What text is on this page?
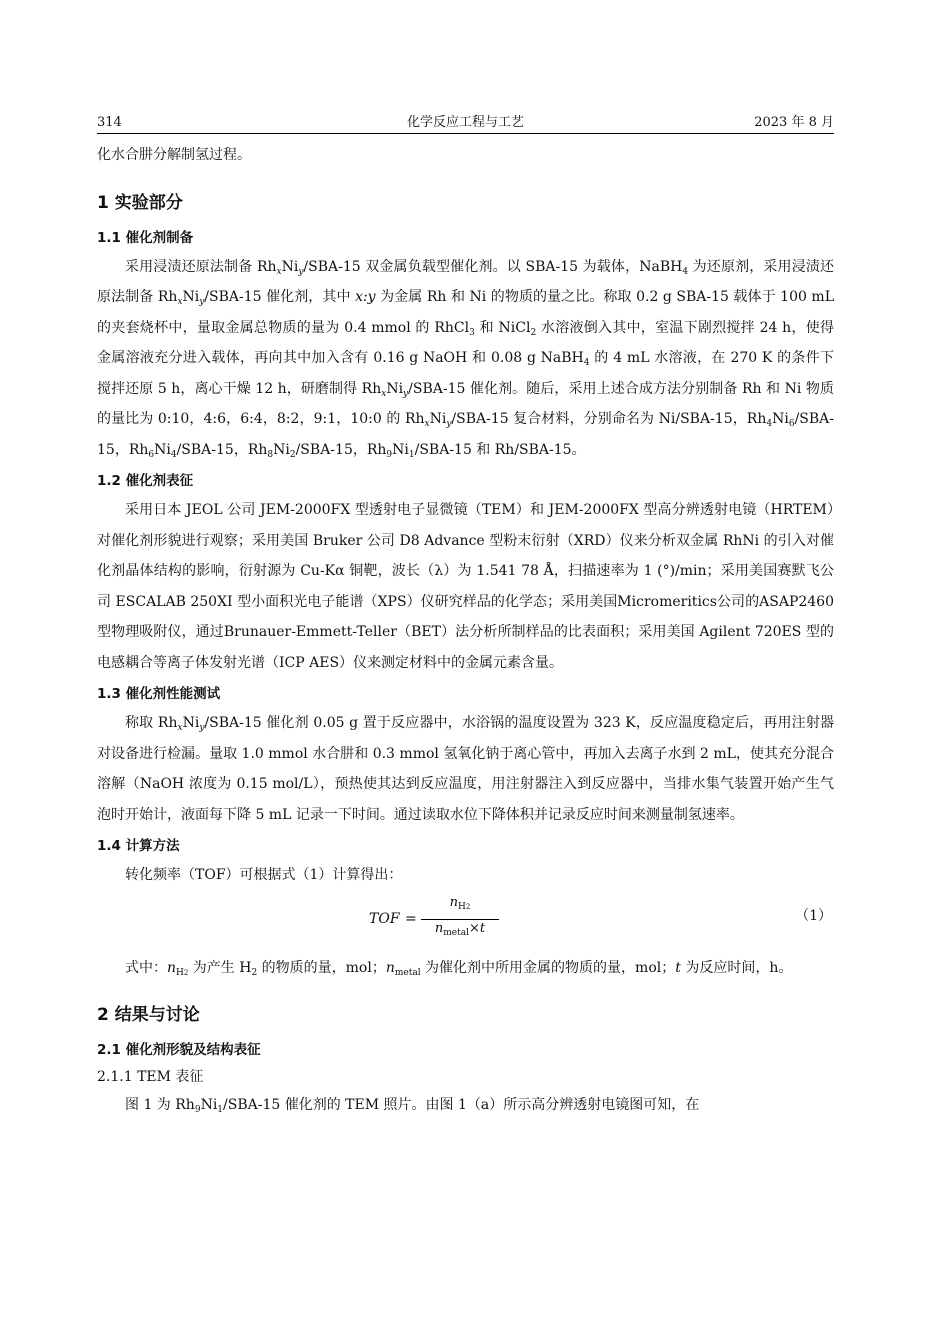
314	化学反应工程与工艺	2023 年 8 月

化水合肼分解制氢过程。

1 实验部分
1.1 催化剂制备

采用浸渍还原法制备 $Rh_xNi_y/SBA-15$ 双金属负载型催化剂。以 SBA-15 为载体，NaBH$_4$ 为还原剂，采用浸渍还原法制备 $Rh_xNi_y/SBA-15$ 催化剂，其中 x:y 为金属 Rh 和 Ni 的物质的量之比。称取 0.2 g SBA-15 载体于 100 mL 的夹套烧杯中，量取金属总物质的量为 0.4 mmol 的 RhCl$_3$ 和 NiCl$_2$ 水溶液倒入其中，室温下剧烈搅拌 24 h，使得金属溶液充分进入载体，再向其中加入含有 0.16 g NaOH 和 0.08 g NaBH$_4$ 的 4 mL 水溶液，在 270 K 的条件下搅拌还原 5 h，离心干燥 12 h，研磨制得 $Rh_xNi_y/SBA-15$ 催化剂。随后，采用上述合成方法分别制备 Rh 和 Ni 物质的量比为 0:10，4:6，6:4，8:2，9:1，10:0 的 $Rh_xNi_y/SBA-15$ 复合材料，分别命名为 Ni/SBA-15，$Rh_4Ni_6/SBA-15$，$Rh_6Ni_4/SBA-15$，$Rh_8Ni_2/SBA-15$，$Rh_9Ni_1/SBA-15$ 和 Rh/SBA-15。

1.2 催化剂表征

采用日本 JEOL 公司 JEM-2000FX 型透射电子显微镜（TEM）和 JEM-2000FX 型高分辨透射电镜（HRTEM）对催化剂形貌进行观察；采用美国 Bruker 公司 D8 Advance 型粉末衍射（XRD）仪来分析双金属 RhNi 的引入对催化剂晶体结构的影响，衍射源为 Cu-Kα 铜靶，波长（λ）为 1.541 78 Å，扫描速率为 1 (°)/min；采用美国赛默飞公司 ESCALAB 250XI 型小面积光电子能谱（XPS）仪研究样品的化学态；采用美国Micromeritics公司的ASAP2460型物理吸附仪，通过Brunauer-Emmett-Teller（BET）法分析所制样品的比表面积；采用美国 Agilent 720ES 型的电感耦合等离子体发射光谱（ICP AES）仪来测定材料中的金属元素含量。

1.3 催化剂性能测试

称取 $Rh_xNi_y/SBA-15$ 催化剂 0.05 g 置于反应器中，水浴锅的温度设置为 323 K，反应温度稳定后，再用注射器对设备进行检漏。量取 1.0 mmol 水合肼和 0.3 mmol 氢氧化钠于离心管中，再加入去离子水到 2 mL，使其充分混合溶解（NaOH 浓度为 0.15 mol/L），预热使其达到反应温度，用注射器注入到反应器中，当排水集气装置开始产生气泡时开始计，液面每下降 5 mL 记录一下时间。通过读取水位下降体积并记录反应时间来测量制氢速率。

1.4 计算方法

转化频率（TOF）可根据式（1）计算得出：

TOF =
$n_{H2}$
$n_{metal}\times t$
（1）

式中：$n_{H2}$ 为产生 $H_2$ 的物质的量，mol；$n_{metal}$ 为催化剂中所用金属的物质的量，mol；t 为反应时间，h。

2 结果与讨论
2.1 催化剂形貌及结构表征
2.1.1 TEM 表征

图 1 为 $Rh_9Ni_1/SBA-15$ 催化剂的 TEM 照片。由图 1（a）所示高分辨透射电镜图可知，在
